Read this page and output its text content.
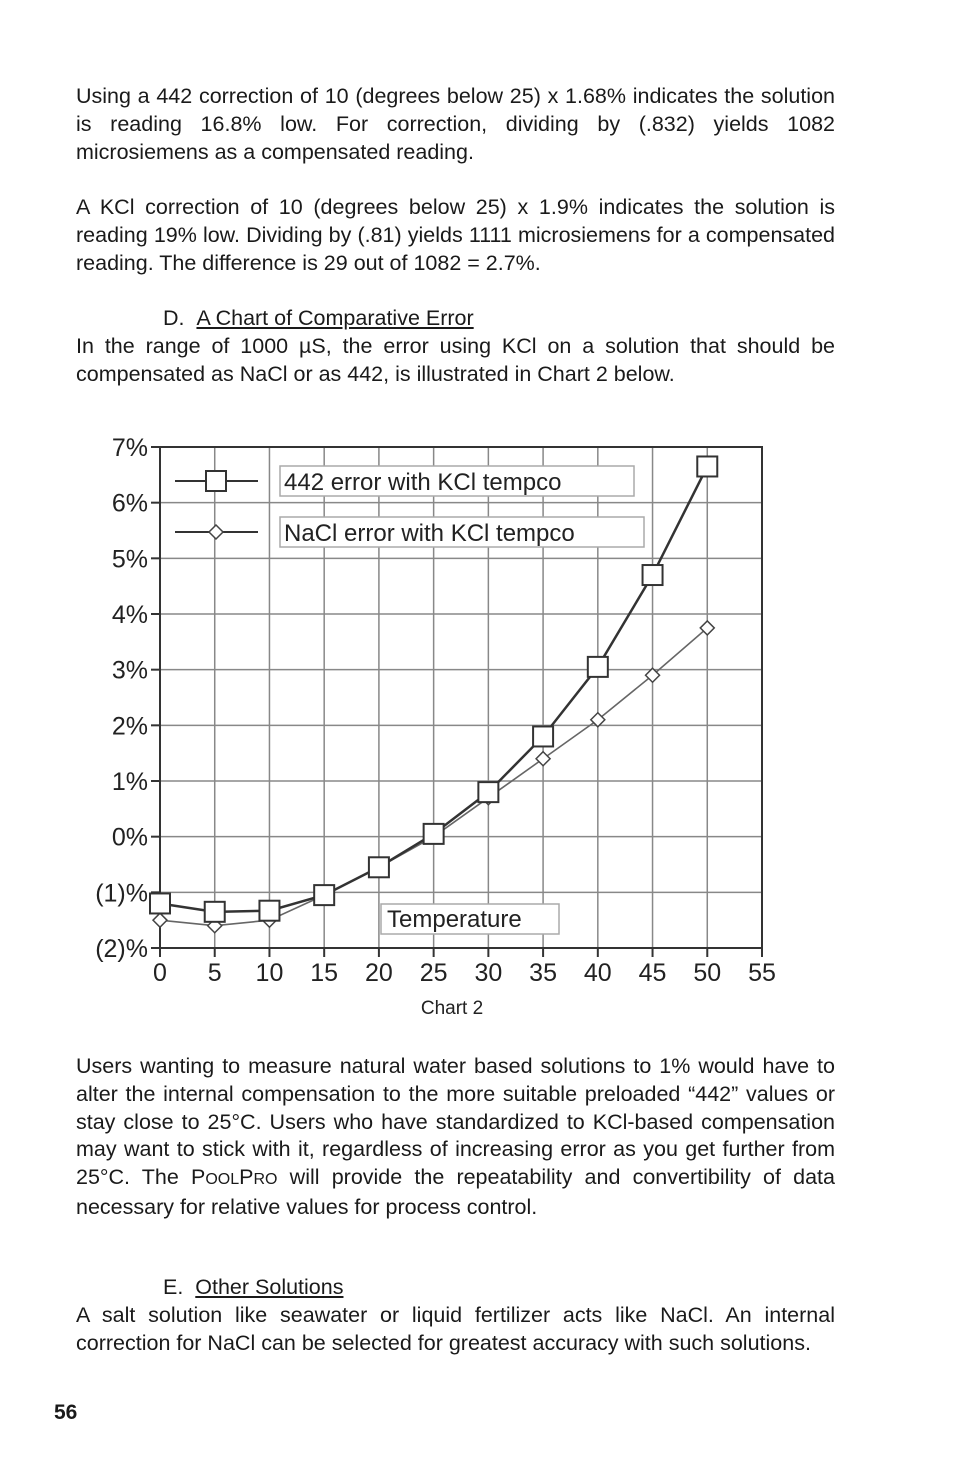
Using a 442 correction of 10 (degrees below 25) x 1.68% indicates the solution is reading 16.8% low. For correction, dividing by (.832) yields 1082 microsiemens as a compensated reading.

A KCl correction of 10 (degrees below 25) x 1.9% indicates the solution is reading 19% low. Dividing by (.81) yields 1111 microsiemens for a compensated reading. The difference is 29 out of 1082 = 2.7%.

D. A Chart of Comparative Error

In the range of 1000 µS, the error using KCl on a solution that should be compensated as NaCl or as 442, is illustrated in Chart 2 below.

7%
6%
5%
4%
3%
2%
1%
0%
(1)%
(2)%
0 5 10 15 20 25 30 35 40 45 50 55
442 error with KCl tempco
NaCl error with KCl tempco
Temperature
Chart 2

Users wanting to measure natural water based solutions to 1% would have to alter the internal compensation to the more suitable preloaded “442” values or stay close to 25°C. Users who have standardized to KCl-based compensation may want to stick with it, regardless of increasing error as you get further from 25°C. The POOLPRO will provide the repeatability and convertibility of data necessary for relative values for process control.

E. Other Solutions

A salt solution like seawater or liquid fertilizer acts like NaCl. An internal correction for NaCl can be selected for greatest accuracy with such solutions.

56
